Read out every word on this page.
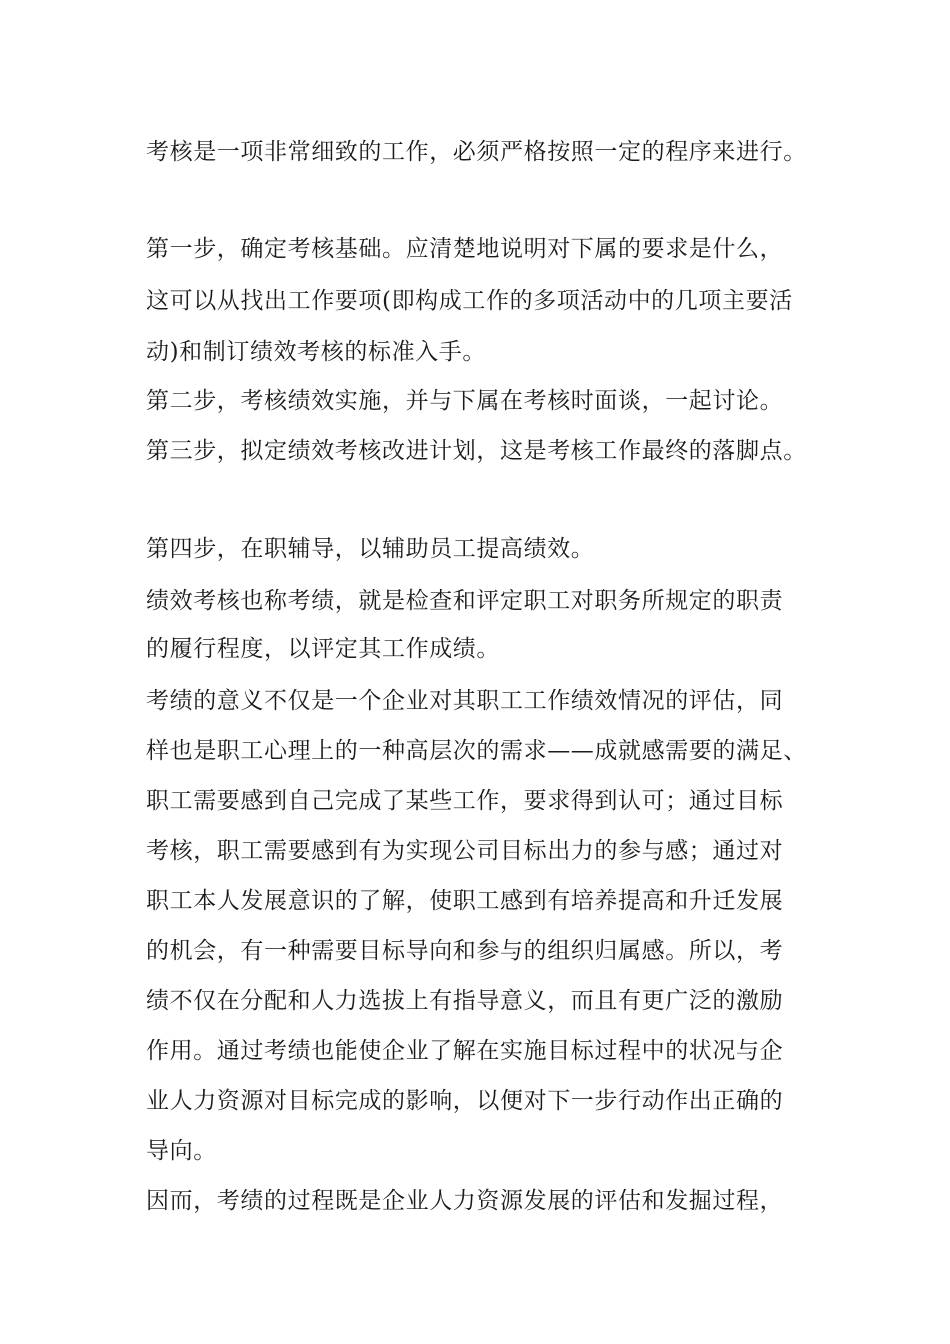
考核是一项非常细致的工作，必须严格按照一定的程序来进行。
第一步，确定考核基础。应清楚地说明对下属的要求是什么，
这可以从找出工作要项(即构成工作的多项活动中的几项主要活
动)和制订绩效考核的标准入手。
第二步，考核绩效实施，并与下属在考核时面谈，一起讨论。
第三步，拟定绩效考核改进计划，这是考核工作最终的落脚点。
第四步，在职辅导，以辅助员工提高绩效。
绩效考核也称考绩，就是检查和评定职工对职务所规定的职责
的履行程度，以评定其工作成绩。
考绩的意义不仅是一个企业对其职工工作绩效情况的评估，同
样也是职工心理上的一种高层次的需求——成就感需要的满足、
职工需要感到自己完成了某些工作，要求得到认可；通过目标
考核，职工需要感到有为实现公司目标出力的参与感；通过对
职工本人发展意识的了解，使职工感到有培养提高和升迁发展
的机会，有一种需要目标导向和参与的组织归属感。所以，考
绩不仅在分配和人力选拔上有指导意义，而且有更广泛的激励
作用。通过考绩也能使企业了解在实施目标过程中的状况与企
业人力资源对目标完成的影响，以便对下一步行动作出正确的
导向。
因而，考绩的过程既是企业人力资源发展的评估和发掘过程，
